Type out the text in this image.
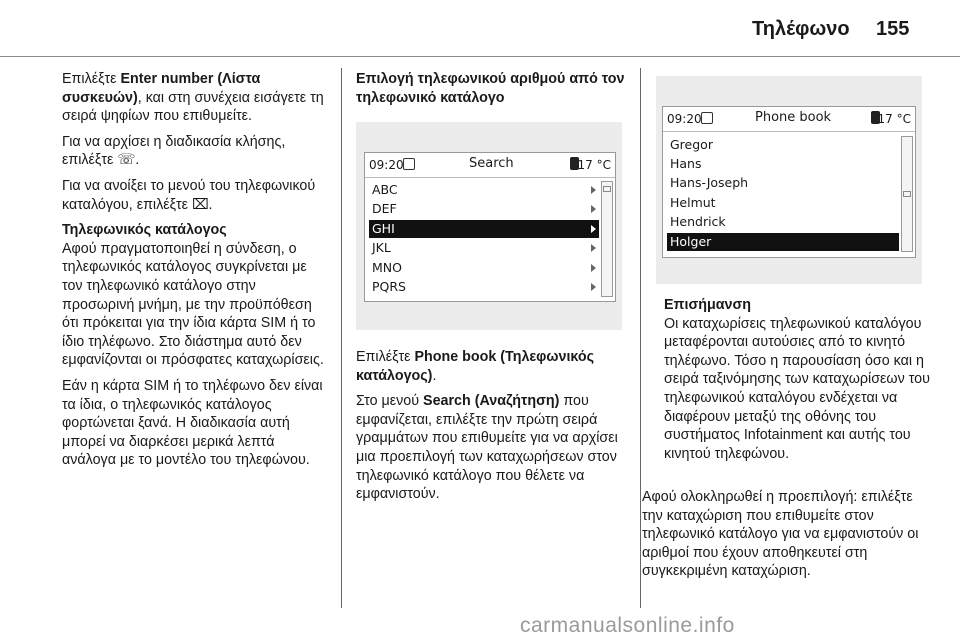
Τηλέφωνο 155

Επιλέξτε Enter number (Λίστα συσκευών), και στη συνέχεια εισάγετε τη σειρά ψηφίων που επιθυμείτε.

Για να αρχίσει η διαδικασία κλήσης, επιλέξτε ☏.

Για να ανοίξει το μενού του τηλεφωνικού καταλόγου, επιλέξτε ⌧.

Τηλεφωνικός κατάλογος

Αφού πραγματοποιηθεί η σύνδεση, ο τηλεφωνικός κατάλογος συγκρίνεται με τον τηλεφωνικό κατάλογο στην προσωρινή μνήμη, με την προϋπόθεση ότι πρόκειται για την ίδια κάρτα SIM ή το ίδιο τηλέφωνο. Στο διάστημα αυτό δεν εμφανίζονται οι πρόσφατες καταχωρίσεις.

Εάν η κάρτα SIM ή το τηλέφωνο δεν είναι τα ίδια, ο τηλεφωνικός κατάλογος φορτώνεται ξανά. Η διαδικασία αυτή μπορεί να διαρκέσει μερικά λεπτά ανάλογα με το μοντέλο του τηλεφώνου.

Επιλογή τηλεφωνικού αριθμού από τον τηλεφωνικό κατάλογο
09:20	Search	17 °C
ABC
DEF
GHI
JKL
MNO
PQRS

Επιλέξτε Phone book (Τηλεφωνικός κατάλογος).

Στο μενού Search (Αναζήτηση) που εμφανίζεται, επιλέξτε την πρώτη σειρά γραμμάτων που επιθυμείτε για να αρχίσει μια προεπιλογή των καταχωρήσεων στον τηλεφωνικό κατάλογο που θέλετε να εμφανιστούν.

09:20	Phone book	17 °C
Gregor
Hans
Hans-Joseph
Helmut
Hendrick
Holger

Επισήμανση

Οι καταχωρίσεις τηλεφωνικού καταλόγου μεταφέρονται αυτούσιες από το κινητό τηλέφωνο. Τόσο η παρουσίαση όσο και η σειρά ταξινόμησης των καταχωρίσεων του τηλεφωνικού καταλόγου ενδέχεται να διαφέρουν μεταξύ της οθόνης του συστήματος Infotainment και αυτής του κινητού τηλεφώνου.

Αφού ολοκληρωθεί η προεπιλογή: επιλέξτε την καταχώριση που επιθυμείτε στον τηλεφωνικό κατάλογο για να εμφανιστούν οι αριθμοί που έχουν αποθηκευτεί στη συγκεκριμένη καταχώριση.
carmanualsonline.info
